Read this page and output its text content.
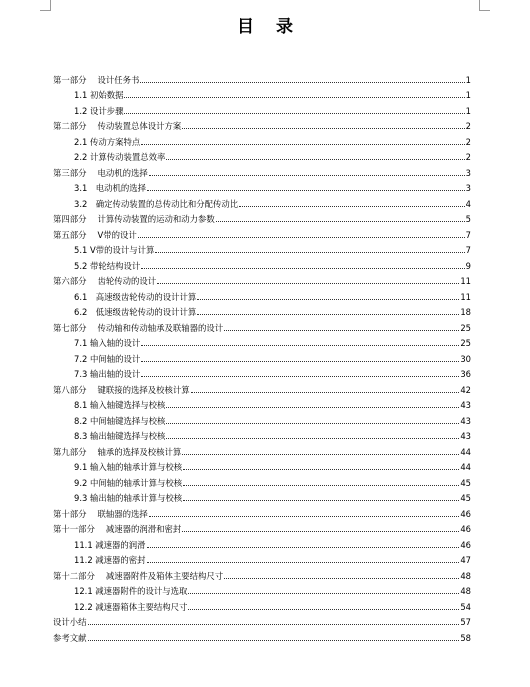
目 录
第一部分　 设计任务书	1
1.1 初始数据	1
1.2 设计步骤	1
第二部分　 传动装置总体设计方案	2
2.1 传动方案特点	2
2.2 计算传动装置总效率	2
第三部分　 电动机的选择	3
3.1　电动机的选择	3
3.2　确定传动装置的总传动比和分配传动比	4
第四部分　 计算传动装置的运动和动力参数	5
第五部分　 V带的设计	7
5.1 V带的设计与计算	7
5.2 带轮结构设计	9
第六部分　 齿轮传动的设计	11
6.1　高速级齿轮传动的设计计算	11
6.2　低速级齿轮传动的设计计算	18
第七部分　 传动轴和传动轴承及联轴器的设计	25
7.1 输入轴的设计	25
7.2 中间轴的设计	30
7.3 输出轴的设计	36
第八部分　 键联接的选择及校核计算	42
8.1 输入轴键选择与校核	43
8.2 中间轴键选择与校核	43
8.3 输出轴键选择与校核	43
第九部分　 轴承的选择及校核计算	44
9.1 输入轴的轴承计算与校核	44
9.2 中间轴的轴承计算与校核	45
9.3 输出轴的轴承计算与校核	45
第十部分　 联轴器的选择	46
第十一部分　 减速器的润滑和密封	46
11.1 减速器的润滑	46
11.2 减速器的密封	47
第十二部分　 减速器附件及箱体主要结构尺寸	48
12.1 减速器附件的设计与选取	48
12.2 减速器箱体主要结构尺寸	54
设计小结	57
参考文献	58
